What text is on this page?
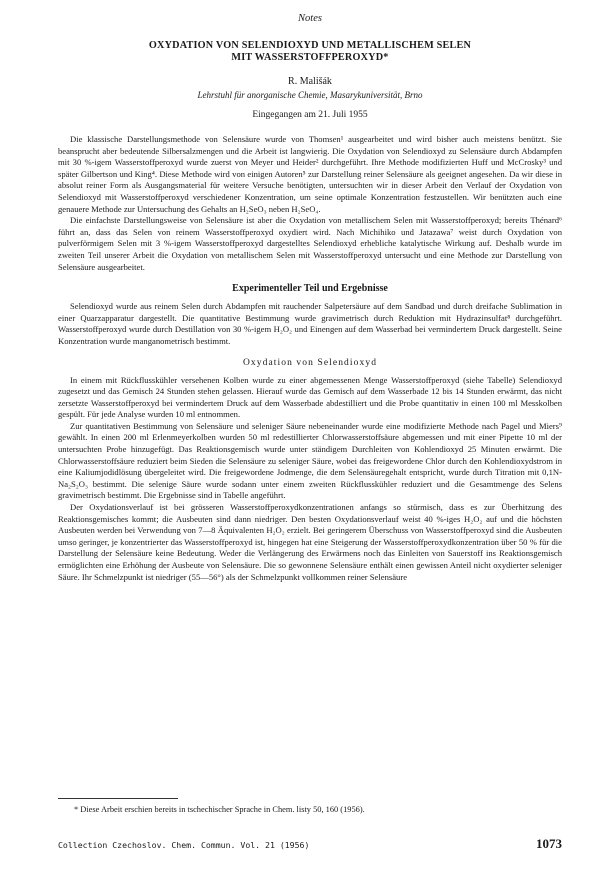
Notes
OXYDATION VON SELENDIOXYD UND METALLISCHEM SELEN
MIT WASSERSTOFFPEROXYD*
R. Mališák
Lehrstuhl für anorganische Chemie, Masarykuniversität, Brno
Eingegangen am 21. Juli 1955

Die klassische Darstellungsmethode von Selensäure wurde von Thomsen¹ ausgearbeitet und wird bisher auch meistens benützt. Sie beansprucht aber bedeutende Silbersalzmengen und die Arbeit ist langwierig. Die Oxydation von Selendioxyd zu Selensäure durch Abdampfen mit 30 %-igem Wasserstoffperoxyd wurde zuerst von Meyer und Heider² durchgeführt. Ihre Methode modifizierten Huff und McCrosky³ und später Gilbertson und King⁴. Diese Methode wird von einigen Autoren⁵ zur Darstellung reiner Selensäure als geeignet angesehen. Da wir diese in absolut reiner Form als Ausgangsmaterial für weitere Versuche benötigten, untersuchten wir in dieser Arbeit den Verlauf der Oxydation von Selendioxyd mit Wasserstoffperoxyd verschiedener Konzentration, um seine optimale Konzentration festzustellen. Wir benützten auch eine genauere Methode zur Untersuchung des Gehalts an H₂SeO₃ neben H₂SeO₄.

Die einfachste Darstellungsweise von Selensäure ist aber die Oxydation von metallischem Selen mit Wasserstoffperoxyd; bereits Thénard⁶ führt an, dass das Selen von reinem Wasserstoffperoxyd oxydiert wird. Nach Michihiko und Jatazawa⁷ weist durch Oxydation von pulverförmigem Selen mit 3 %-igem Wasserstoffperoxyd dargestelltes Selendioxyd erhebliche katalytische Wirkung auf. Deshalb wurde im zweiten Teil unserer Arbeit die Oxydation von metallischem Selen mit Wasserstoffperoxyd untersucht und eine Methode zur Darstellung von Selensäure ausgearbeitet.

Experimenteller Teil und Ergebnisse

Selendioxyd wurde aus reinem Selen durch Abdampfen mit rauchender Salpetersäure auf dem Sandbad und durch dreifache Sublimation in einer Quarzapparatur dargestellt. Die quantitative Bestimmung wurde gravimetrisch durch Reduktion mit Hydrazinsulfat⁸ durchgeführt. Wasserstoffperoxyd wurde durch Destillation von 30 %-igem H₂O₂ und Einengen auf dem Wasserbad bei vermindertem Druck dargestellt. Seine Konzentration wurde manganometrisch bestimmt.

Oxydation von Selendioxyd

In einem mit Rückflusskühler versehenen Kolben wurde zu einer abgemessenen Menge Wasserstoffperoxyd (siehe Tabelle) Selendioxyd zugesetzt und das Gemisch 24 Stunden stehen gelassen. Hierauf wurde das Gemisch auf dem Wasserbade 12 bis 14 Stunden erwärmt, das nicht zersetzte Wasserstoffperoxyd bei vermindertem Druck auf dem Wasserbade abdestilliert und die Probe quantitativ in einen 100 ml Messkolben gespült. Für jede Analyse wurden 10 ml entnommen.

Zur quantitativen Bestimmung von Selensäure und seleniger Säure nebeneinander wurde eine modifizierte Methode nach Pagel und Miers⁹ gewählt. In einen 200 ml Erlenmeyerkolben wurden 50 ml redestillierter Chlorwasserstoffsäure abgemessen und mit einer Pipette 10 ml der untersuchten Probe hinzugefügt. Das Reaktionsgemisch wurde unter ständigem Durchleiten von Kohlendioxyd 25 Minuten erwärmt. Die Chlorwasserstoffsäure reduziert beim Sieden die Selensäure zu seleniger Säure, wobei das freigewordene Chlor durch den Kohlendioxydstrom in eine Kaliumjodidlösung übergeleitet wird. Die freigewordene Jodmenge, die dem Selensäuregehalt entspricht, wurde durch Titration mit 0,1N-Na₂S₂O₃ bestimmt. Die selenige Säure wurde sodann unter einem zweiten Rückflusskühler reduziert und die Gesamtmenge des Selens gravimetrisch bestimmt. Die Ergebnisse sind in Tabelle angeführt.

Der Oxydationsverlauf ist bei grösseren Wasserstoffperoxydkonzentrationen anfangs so stürmisch, dass es zur Überhitzung des Reaktionsgemisches kommt; die Ausbeuten sind dann niedriger. Den besten Oxydationsverlauf weist 40 %-iges H₂O₂ auf und die höchsten Ausbeuten werden bei Verwendung von 7—8 Äquivalenten H₂O₂ erzielt. Bei geringerem Überschuss von Wasserstoffperoxyd sind die Ausbeuten umso geringer, je konzentrierter das Wasserstoffperoxyd ist, hingegen hat eine Steigerung der Wasserstoffperoxydkonzentration über 50 % für die Darstellung der Selensäure keine Bedeutung. Weder die Verlängerung des Erwärmens noch das Einleiten von Sauerstoff ins Reaktionsgemisch ermöglichten eine Erhöhung der Ausbeute von Selensäure. Die so gewonnene Selensäure enthält einen gewissen Anteil nicht oxydierter seleniger Säure. Ihr Schmelzpunkt ist niedriger (55—56°) als der Schmelzpunkt vollkommen reiner Selensäure

* Diese Arbeit erschien bereits in tschechischer Sprache in Chem. listy 50, 160 (1956).
Collection Czechoslov. Chem. Commun. Vol. 21 (1956)	1073
